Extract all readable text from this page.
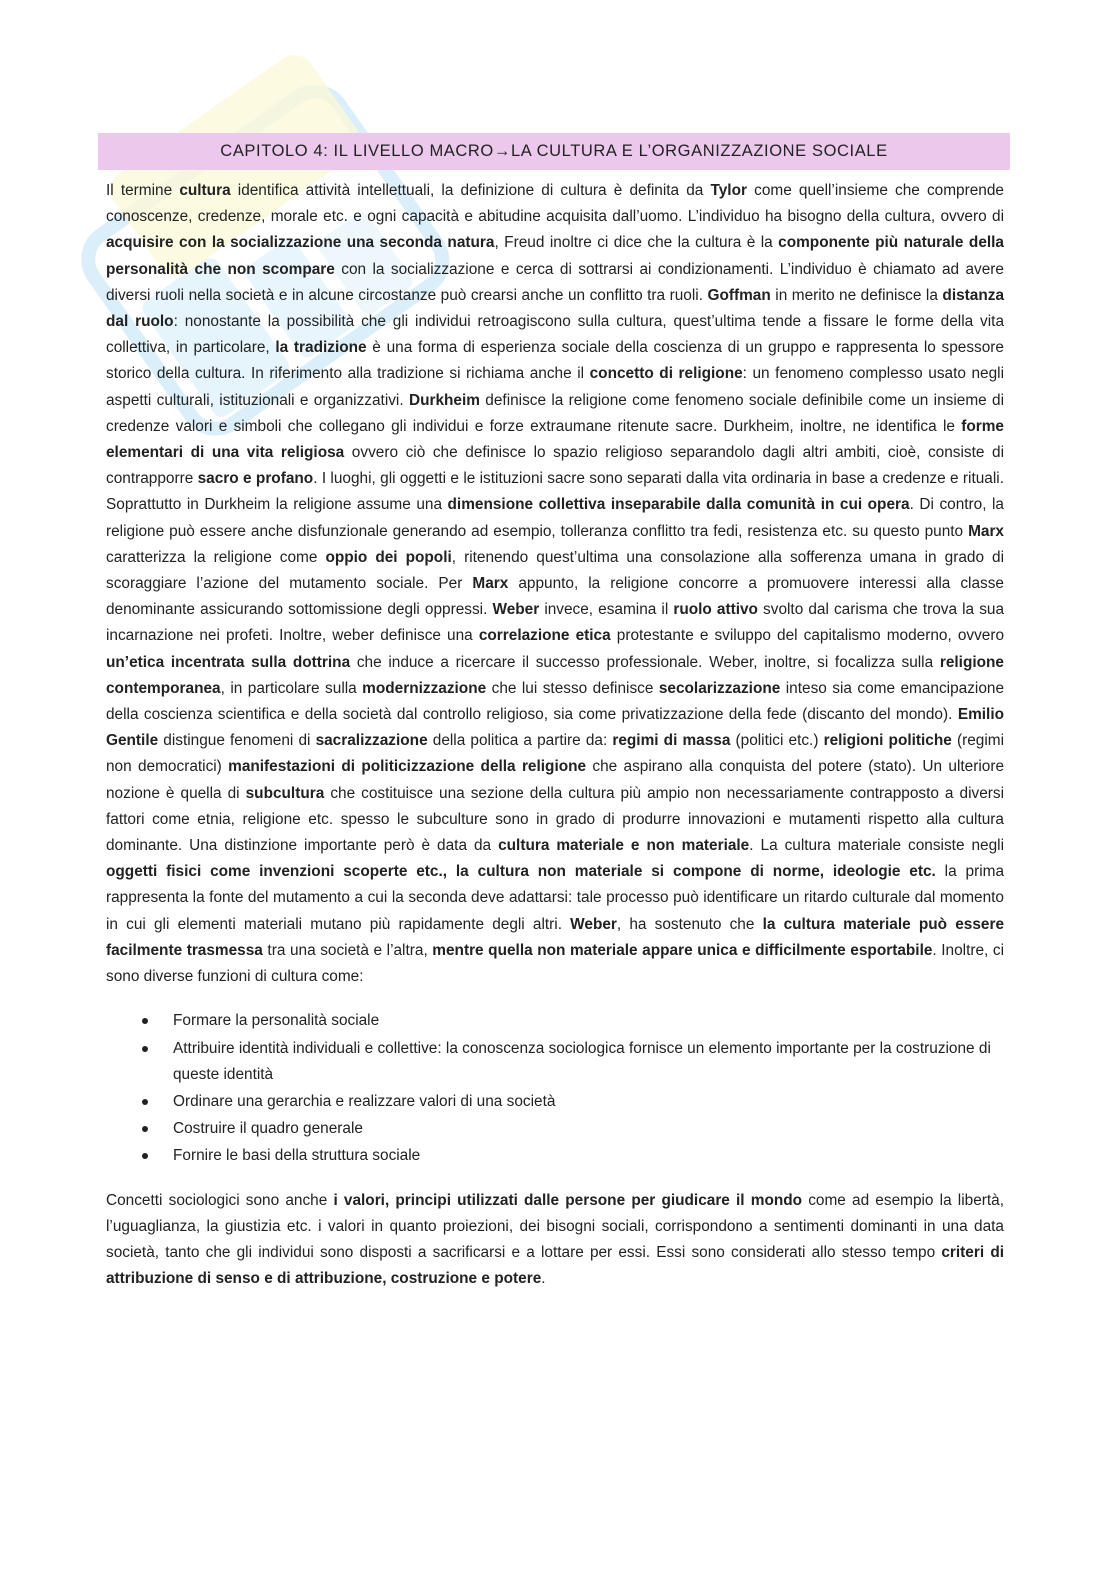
CAPITOLO 4: IL LIVELLO MACRO→LA CULTURA E L’ORGANIZZAZIONE SOCIALE

Il termine cultura identifica attività intellettuali, la definizione di cultura è definita da Tylor come quell’insieme che comprende conoscenze, credenze, morale etc. e ogni capacità e abitudine acquisita dall’uomo. L’individuo ha bisogno della cultura, ovvero di acquisire con la socializzazione una seconda natura, Freud inoltre ci dice che la cultura è la componente più naturale della personalità che non scompare con la socializzazione e cerca di sottrarsi ai condizionamenti. L’individuo è chiamato ad avere diversi ruoli nella società e in alcune circostanze può crearsi anche un conflitto tra ruoli. Goffman in merito ne definisce la distanza dal ruolo: nonostante la possibilità che gli individui retroagiscono sulla cultura, quest’ultima tende a fissare le forme della vita collettiva, in particolare, la tradizione è una forma di esperienza sociale della coscienza di un gruppo e rappresenta lo spessore storico della cultura. In riferimento alla tradizione si richiama anche il concetto di religione: un fenomeno complesso usato negli aspetti culturali, istituzionali e organizzativi. Durkheim definisce la religione come fenomeno sociale definibile come un insieme di credenze valori e simboli che collegano gli individui e forze extraumane ritenute sacre. Durkheim, inoltre, ne identifica le forme elementari di una vita religiosa ovvero ciò che definisce lo spazio religioso separandolo dagli altri ambiti, cioè, consiste di contrapporre sacro e profano. I luoghi, gli oggetti e le istituzioni sacre sono separati dalla vita ordinaria in base a credenze e rituali. Soprattutto in Durkheim la religione assume una dimensione collettiva inseparabile dalla comunità in cui opera. Di contro, la religione può essere anche disfunzionale generando ad esempio, tolleranza conflitto tra fedi, resistenza etc. su questo punto Marx caratterizza la religione come oppio dei popoli, ritenendo quest’ultima una consolazione alla sofferenza umana in grado di scoraggiare l’azione del mutamento sociale. Per Marx appunto, la religione concorre a promuovere interessi alla classe denominante assicurando sottomissione degli oppressi. Weber invece, esamina il ruolo attivo svolto dal carisma che trova la sua incarnazione nei profeti. Inoltre, weber definisce una correlazione etica protestante e sviluppo del capitalismo moderno, ovvero un’etica incentrata sulla dottrina che induce a ricercare il successo professionale. Weber, inoltre, si focalizza sulla religione contemporanea, in particolare sulla modernizzazione che lui stesso definisce secolarizzazione inteso sia come emancipazione della coscienza scientifica e della società dal controllo religioso, sia come privatizzazione della fede (discanto del mondo). Emilio Gentile distingue fenomeni di sacralizzazione della politica a partire da: regimi di massa (politici etc.) religioni politiche (regimi non democratici) manifestazioni di politicizzazione della religione che aspirano alla conquista del potere (stato). Un ulteriore nozione è quella di subcultura che costituisce una sezione della cultura più ampio non necessariamente contrapposto a diversi fattori come etnia, religione etc. spesso le subculture sono in grado di produrre innovazioni e mutamenti rispetto alla cultura dominante. Una distinzione importante però è data da cultura materiale e non materiale. La cultura materiale consiste negli oggetti fisici come invenzioni scoperte etc., la cultura non materiale si compone di norme, ideologie etc. la prima rappresenta la fonte del mutamento a cui la seconda deve adattarsi: tale processo può identificare un ritardo culturale dal momento in cui gli elementi materiali mutano più rapidamente degli altri. Weber, ha sostenuto che la cultura materiale può essere facilmente trasmessa tra una società e l’altra, mentre quella non materiale appare unica e difficilmente esportabile. Inoltre, ci sono diverse funzioni di cultura come:

Formare la personalità sociale
Attribuire identità individuali e collettive: la conoscenza sociologica fornisce un elemento importante per la costruzione di queste identità
Ordinare una gerarchia e realizzare valori di una società
Costruire il quadro generale
Fornire le basi della struttura sociale

Concetti sociologici sono anche i valori, principi utilizzati dalle persone per giudicare il mondo come ad esempio la libertà, l’uguaglianza, la giustizia etc. i valori in quanto proiezioni, dei bisogni sociali, corrispondono a sentimenti dominanti in una data società, tanto che gli individui sono disposti a sacrificarsi e a lottare per essi. Essi sono considerati allo stesso tempo criteri di attribuzione di senso e di attribuzione, costruzione e potere.
